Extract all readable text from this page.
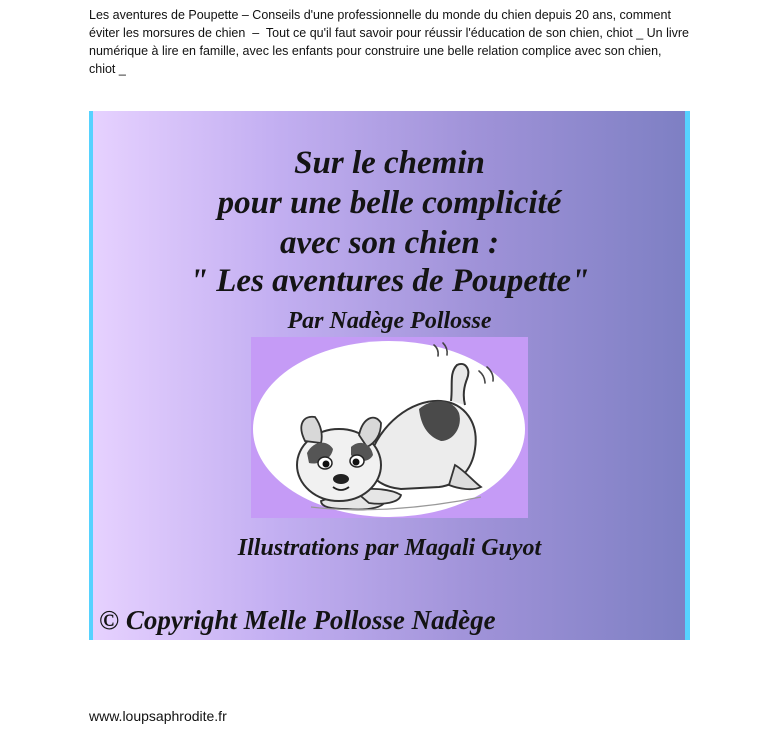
Les aventures de Poupette – Conseils d'une professionnelle du monde du chien depuis 20 ans, comment éviter les morsures de chien  –  Tout ce qu'il faut savoir pour réussir l'éducation de son chien, chiot _ Un livre numérique à lire en famille, avec les enfants pour construire une belle relation complice avec son chien, chiot _
Sur le chemin
pour une belle complicité
avec son chien :
" Les aventures de Poupette"
Par Nadège Pollosse
Illustrations par Magali Guyot
© Copyright Melle Pollosse Nadège
www.loupsaphrodite.fr
